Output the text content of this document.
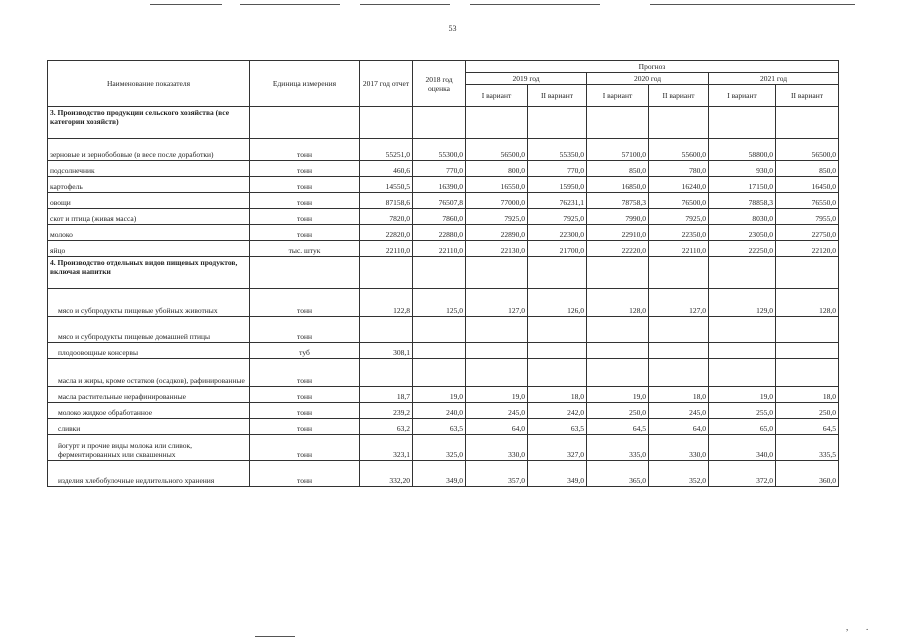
53
Наименование показателя	Единица измерения	2017 год отчет	2018 год оценка	Прогноз					
				2019 год		2020 год		2021 год	
				I вариант	II вариант	I вариант	II вариант	I вариант	II вариант
3. Производство продукции сельского хозяйства (все категории хозяйств)									
зерновые и зернобобовые (в весе после доработки)	тонн	55251,0	55300,0	56500,0	55350,0	57100,0	55600,0	58800,0	56500,0
подсолнечник	тонн	460,6	770,0	800,0	770,0	850,0	780,0	930,0	850,0
картофель	тонн	14550,5	16390,0	16550,0	15950,0	16850,0	16240,0	17150,0	16450,0
овощи	тонн	87158,6	76507,8	77000,0	76231,1	78758,3	76500,0	78858,3	76550,0
скот и птица (живая масса)	тонн	7820,0	7860,0	7925,0	7925,0	7990,0	7925,0	8030,0	7955,0
молоко	тонн	22820,0	22880,0	22890,0	22300,0	22910,0	22350,0	23050,0	22750,0
яйцо	тыс. штук	22110,0	22110,0	22130,0	21700,0	22220,0	22110,0	22250,0	22120,0
4. Производство отдельных видов пищевых продуктов, включая напитки									
мясо и субпродукты пищевые убойных животных	тонн	122,8	125,0	127,0	126,0	128,0	127,0	129,0	128,0
мясо и субпродукты пищевые домашней птицы	тонн								
плодоовощные консервы	туб	308,1							
масла и жиры, кроме остатков (осадков), рафинированные	тонн								
масла растительные нерафинированные	тонн	18,7	19,0	19,0	18,0	19,0	18,0	19,0	18,0
молоко жидкое обработанное	тонн	239,2	240,0	245,0	242,0	250,0	245,0	255,0	250,0
сливки	тонн	63,2	63,5	64,0	63,5	64,5	64,0	65,0	64,5
йогурт и прочие виды молока или сливок, ферментированных или сквашенных	тонн	323,1	325,0	330,0	327,0	335,0	330,0	340,0	335,5
изделия хлебобулочные недлительного хранения	тонн	332,20	349,0	357,0	349,0	365,0	352,0	372,0	360,0
, .
